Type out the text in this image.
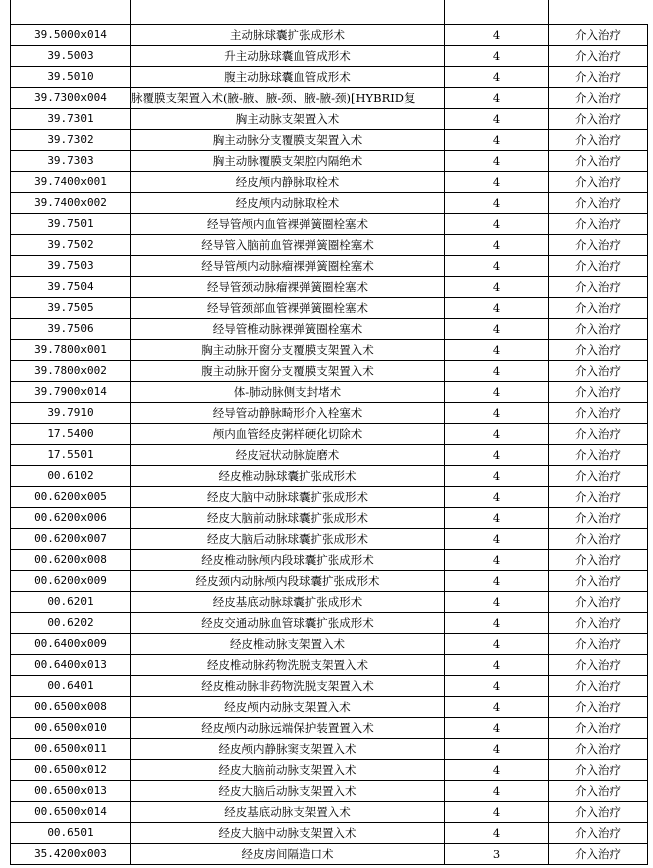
39.5000x014	主动脉球囊扩张成形术	4	介入治疗
39.5003	升主动脉球囊血管成形术	4	介入治疗
39.5010	腹主动脉球囊血管成形术	4	介入治疗
39.7300x004	脉覆膜支架置入术(腋-腋、腋-颈、腋-腋-颈)[HYBRID复	4	介入治疗
39.7301	胸主动脉支架置入术	4	介入治疗
39.7302	胸主动脉分支覆膜支架置入术	4	介入治疗
39.7303	胸主动脉覆膜支架腔内隔绝术	4	介入治疗
39.7400x001	经皮颅内静脉取栓术	4	介入治疗
39.7400x002	经皮颅内动脉取栓术	4	介入治疗
39.7501	经导管颅内血管裸弹簧圈栓塞术	4	介入治疗
39.7502	经导管入脑前血管裸弹簧圈栓塞术	4	介入治疗
39.7503	经导管颅内动脉瘤裸弹簧圈栓塞术	4	介入治疗
39.7504	经导管颈动脉瘤裸弹簧圈栓塞术	4	介入治疗
39.7505	经导管颈部血管裸弹簧圈栓塞术	4	介入治疗
39.7506	经导管椎动脉裸弹簧圈栓塞术	4	介入治疗
39.7800x001	胸主动脉开窗分支覆膜支架置入术	4	介入治疗
39.7800x002	腹主动脉开窗分支覆膜支架置入术	4	介入治疗
39.7900x014	体-肺动脉侧支封堵术	4	介入治疗
39.7910	经导管动静脉畸形介入栓塞术	4	介入治疗
17.5400	颅内血管经皮粥样硬化切除术	4	介入治疗
17.5501	经皮冠状动脉旋磨术	4	介入治疗
00.6102	经皮椎动脉球囊扩张成形术	4	介入治疗
00.6200x005	经皮大脑中动脉球囊扩张成形术	4	介入治疗
00.6200x006	经皮大脑前动脉球囊扩张成形术	4	介入治疗
00.6200x007	经皮大脑后动脉球囊扩张成形术	4	介入治疗
00.6200x008	经皮椎动脉颅内段球囊扩张成形术	4	介入治疗
00.6200x009	经皮颈内动脉颅内段球囊扩张成形术	4	介入治疗
00.6201	经皮基底动脉球囊扩张成形术	4	介入治疗
00.6202	经皮交通动脉血管球囊扩张成形术	4	介入治疗
00.6400x009	经皮椎动脉支架置入术	4	介入治疗
00.6400x013	经皮椎动脉药物洗脱支架置入术	4	介入治疗
00.6401	经皮椎动脉非药物洗脱支架置入术	4	介入治疗
00.6500x008	经皮颅内动脉支架置入术	4	介入治疗
00.6500x010	经皮颅内动脉远端保护装置置入术	4	介入治疗
00.6500x011	经皮颅内静脉窦支架置入术	4	介入治疗
00.6500x012	经皮大脑前动脉支架置入术	4	介入治疗
00.6500x013	经皮大脑后动脉支架置入术	4	介入治疗
00.6500x014	经皮基底动脉支架置入术	4	介入治疗
00.6501	经皮大脑中动脉支架置入术	4	介入治疗
35.4200x003	经皮房间隔造口术	3	介入治疗
